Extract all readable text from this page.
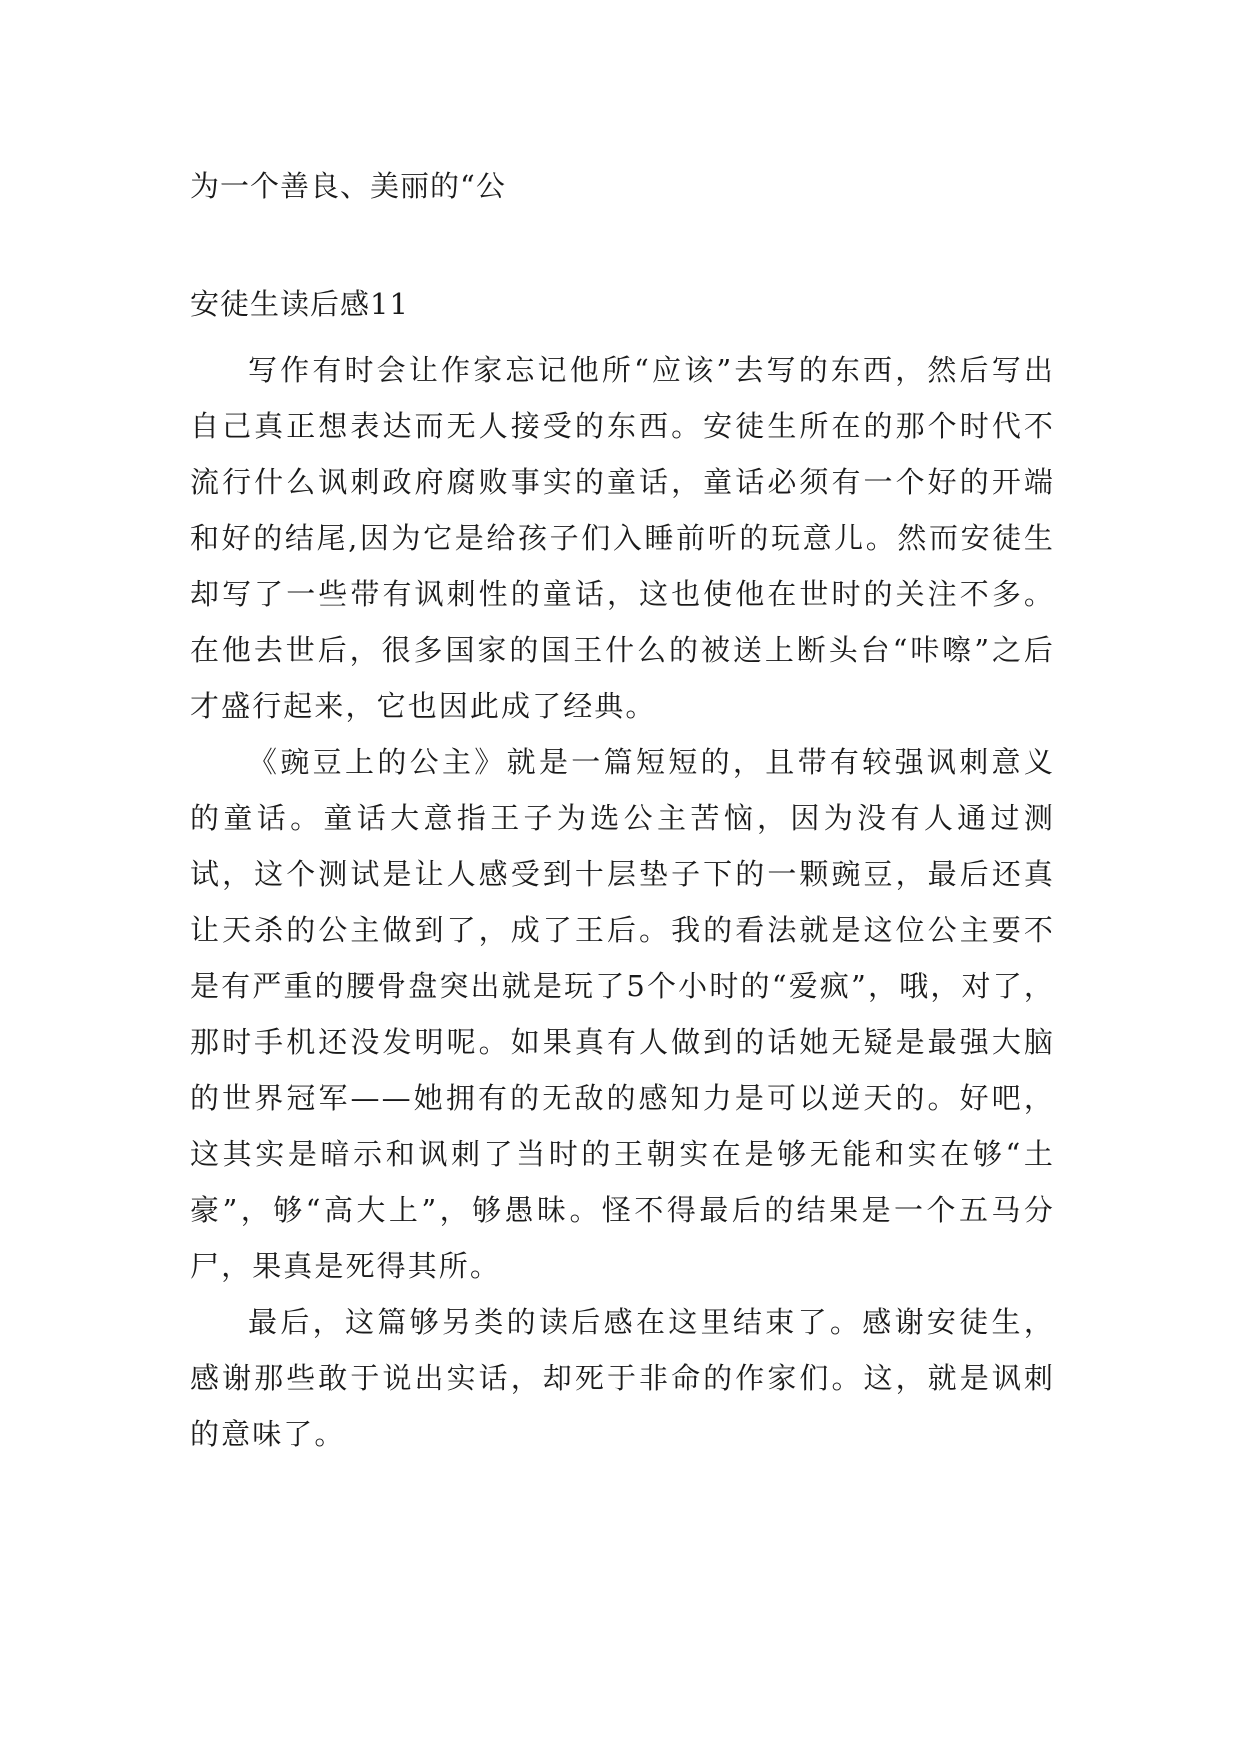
为一个善良、美丽的“公
安徒生读后感11

写作有时会让作家忘记他所“应该”去写的东西，然后写出自己真正想表达而无人接受的东西。安徒生所在的那个时代不流行什么讽刺政府腐败事实的童话，童话必须有一个好的开端和好的结尾,因为它是给孩子们入睡前听的玩意儿。然而安徒生却写了一些带有讽刺性的童话，这也使他在世时的关注不多。在他去世后，很多国家的国王什么的被送上断头台“咔嚓”之后才盛行起来，它也因此成了经典。

《豌豆上的公主》就是一篇短短的，且带有较强讽刺意义的童话。童话大意指王子为选公主苦恼，因为没有人通过测试，这个测试是让人感受到十层垫子下的一颗豌豆，最后还真让天杀的公主做到了，成了王后。我的看法就是这位公主要不是有严重的腰骨盘突出就是玩了5个小时的“爱疯”，哦，对了，那时手机还没发明呢。如果真有人做到的话她无疑是最强大脑的世界冠军——她拥有的无敌的感知力是可以逆天的。好吧，这其实是暗示和讽刺了当时的王朝实在是够无能和实在够“土豪”，够“高大上”，够愚昧。怪不得最后的结果是一个五马分尸，果真是死得其所。

最后，这篇够另类的读后感在这里结束了。感谢安徒生，感谢那些敢于说出实话，却死于非命的作家们。这，就是讽刺的意味了。
